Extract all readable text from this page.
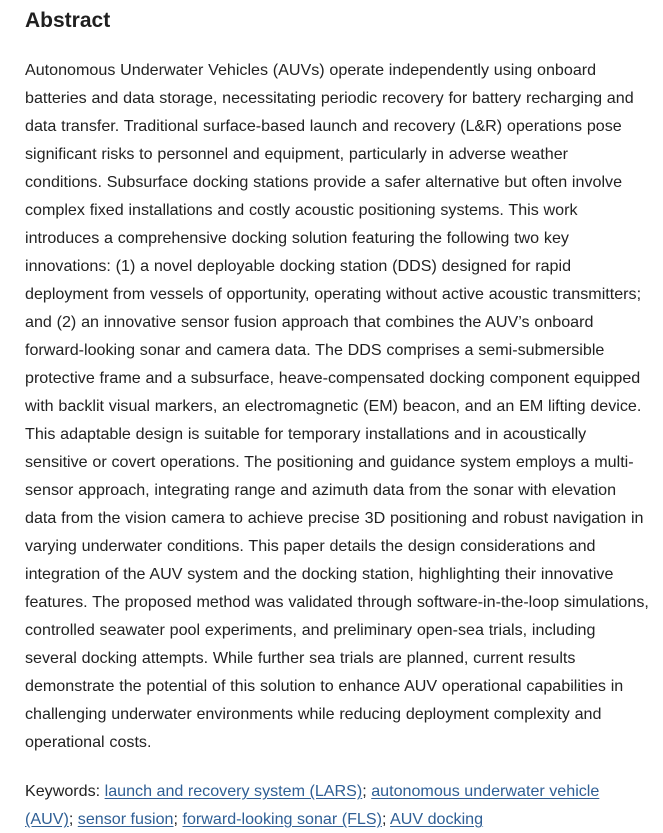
Abstract

Autonomous Underwater Vehicles (AUVs) operate independently using onboard batteries and data storage, necessitating periodic recovery for battery recharging and data transfer. Traditional surface-based launch and recovery (L&R) operations pose significant risks to personnel and equipment, particularly in adverse weather conditions. Subsurface docking stations provide a safer alternative but often involve complex fixed installations and costly acoustic positioning systems. This work introduces a comprehensive docking solution featuring the following two key innovations: (1) a novel deployable docking station (DDS) designed for rapid deployment from vessels of opportunity, operating without active acoustic transmitters; and (2) an innovative sensor fusion approach that combines the AUV’s onboard forward-looking sonar and camera data. The DDS comprises a semi-submersible protective frame and a subsurface, heave-compensated docking component equipped with backlit visual markers, an electromagnetic (EM) beacon, and an EM lifting device. This adaptable design is suitable for temporary installations and in acoustically sensitive or covert operations. The positioning and guidance system employs a multi-sensor approach, integrating range and azimuth data from the sonar with elevation data from the vision camera to achieve precise 3D positioning and robust navigation in varying underwater conditions. This paper details the design considerations and integration of the AUV system and the docking station, highlighting their innovative features. The proposed method was validated through software-in-the-loop simulations, controlled seawater pool experiments, and preliminary open-sea trials, including several docking attempts. While further sea trials are planned, current results demonstrate the potential of this solution to enhance AUV operational capabilities in challenging underwater environments while reducing deployment complexity and operational costs.

Keywords: launch and recovery system (LARS); autonomous underwater vehicle (AUV); sensor fusion; forward-looking sonar (FLS); AUV docking
